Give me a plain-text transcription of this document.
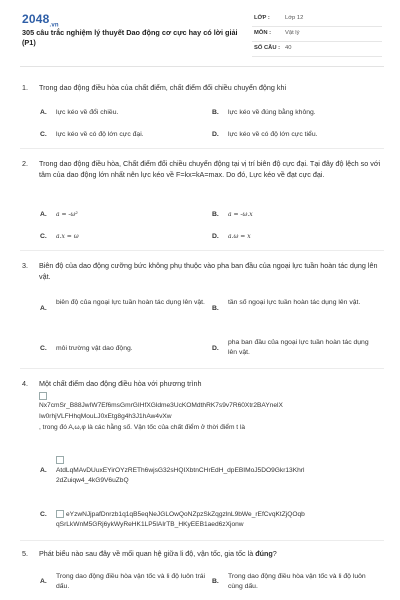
$2048_{.vn}$
305 câu trắc nghiệm lý thuyết Dao động cơ cực hay có lời giải (P1)
LỚP :	Lớp 12
MÔN : Vật lý
SỐ CÂU : 40
1. Trong dao động điều hòa của chất điểm, chất điểm đổi chiều chuyển động khi
A. lực kéo về đổi chiều.	B. lực kéo về đúng bằng không.
C. lực kéo về có độ lớn cực đại.	D. lực kéo về có độ lớn cực tiểu.
2. Trong dao động điều hòa, Chất điểm đổi chiều chuyển động tại vị trí biên độ cực đại. Tại đây độ lệch so với tâm của dao động lớn nhất nên lực kéo về F=kx=kA=max. Do đó, Lực kéo về đạt cực đại.
A. a = -ω²	B. a = -ω.x
C. a.x = ω	D. a.ω = x
3. Biên độ của dao động cưỡng bức không phụ thuộc vào pha ban đầu của ngoại lực tuần hoàn tác dụng lên vật.
A.
biên độ của ngoại lực tuần hoàn tác dụng lên vật.
B.
tần số ngoại lực tuần hoàn tác dụng lên vật.
C. môi trường vật dao động.	D.
pha ban đầu của ngoại lực tuần hoàn tác dụng lên vật.
4. Một chất điểm dao động điều hòa với phương trình
Nx7cmSr_B88JwIW7Ef6msGmrGIHfXGldme3UcKOMdthRK7s9v7R60Xtr2BAYnelX
Iw0rhjVLFHhqMouLJ0xEtg8g4h3J1hAw4vXw
, trong đó A,ω,φ là các hằng số. Vận tốc của chất điểm ở thời điểm t là
A. AtdLqMAvDUuxEYirOYzRETh6wjsG32sHQIXbtnCHrEdH_dpEBIMoJ5DO9Gkr13Khrl
2dZuiqw4_4kG9V6uZbQ
C.	eYzwNJjpafDnrzb1q1qB5eqNeJGLOwQoNZpzSkZqgzlnL9bWe_rEfCvqKtZjQOqb
qSrLkWnM5GRj6ykWyReHK1LP5lAIrTB_HKyEEB1aed6zXjonw
5. Phát biểu nào sau đây về mối quan hệ giữa li độ, vận tốc, gia tốc là đúng?
A.
Trong dao động điều hòa vận tốc và li độ luôn trái dấu.
B.
Trong dao động điều hòa vận tốc và li độ luôn cùng dấu.
